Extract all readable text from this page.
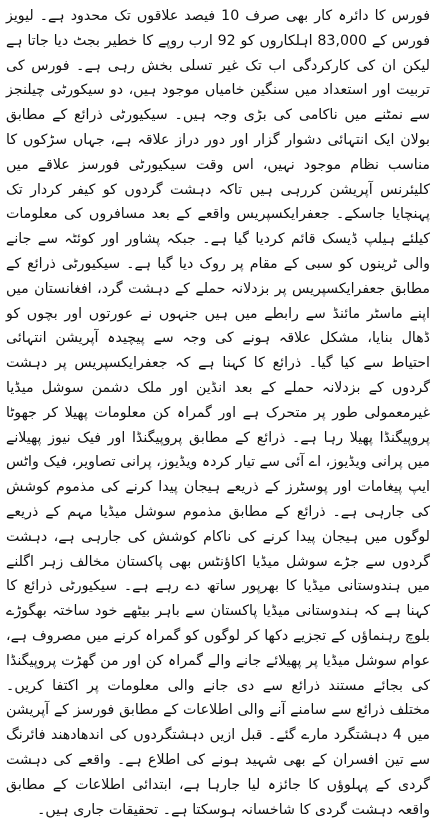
فورس کا دائرہ کار بھی صرف 10 فیصد علاقوں تک محدود ہے۔ لیویز فورس کے 83,000 اہلکاروں کو 92 ارب روپے کا خطیر بجٹ دیا جاتا ہے لیکن ان کی کارکردگی اب تک غیر تسلی بخش رہی ہے۔ فورس کی تربیت اور استعداد میں سنگین خامیاں موجود ہیں، دو سیکورٹی چیلنجز سے نمٹنے میں ناکامی کی بڑی وجہ ہیں۔ سیکیورٹی ذرائع کے مطابق بولان ایک انتہائی دشوار گزار اور دور دراز علاقہ ہے، جہاں سڑکوں کا مناسب نظام موجود نہیں، اس وقت سیکیورٹی فورسز علاقے میں کلیئرنس آپریشن کررہی ہیں تاکہ دہشت گردوں کو کیفر کردار تک پہنچایا جاسکے۔ جعفرایکسپریس واقعے کے بعد مسافروں کی معلومات کیلئے ہیلپ ڈیسک قائم کردیا گیا ہے۔ جبکہ پشاور اور کوئٹہ سے جانے والی ٹرینوں کو سبی کے مقام پر روک دیا گیا ہے۔ سیکیورٹی ذرائع کے مطابق جعفرایکسپریس پر بزدلانہ حملے کے دہشت گرد، افغانستان میں اپنے ماسٹر مائنڈ سے رابطے میں ہیں جنہوں نے عورتوں اور بچوں کو ڈھال بنایا، مشکل علاقہ ہونے کی وجہ سے پیچیدہ آپریشن انتہائی احتیاط سے کیا گیا۔ ذرائع کا کہنا ہے کہ جعفرایکسپریس پر دہشت گردوں کے بزدلانہ حملے کے بعد انڈین اور ملک دشمن سوشل میڈیا غیرمعمولی طور پر متحرک ہے اور گمراہ کن معلومات پھیلا کر جھوٹا پروپیگنڈا پھیلا رہا ہے۔ ذرائع کے مطابق پروپیگنڈا اور فیک نیوز پھیلانے میں پرانی ویڈیوز، اے آئی سے تیار کردہ ویڈیوز، پرانی تصاویر، فیک واٹس ایپ پیغامات اور پوسٹرز کے ذریعے ہیجان پیدا کرنے کی مذموم کوشش کی جارہی ہے۔ ذرائع کے مطابق مذموم سوشل میڈیا مہم کے ذریعے لوگوں میں ہیجان پیدا کرنے کی ناکام کوشش کی جارہی ہے، دہشت گردوں سے جڑے سوشل میڈیا اکاؤنٹس بھی پاکستان مخالف زہر اگلنے میں ہندوستانی میڈیا کا بھرپور ساتھ دے رہے ہے۔ سیکیورٹی ذرائع کا کہنا ہے کہ ہندوستانی میڈیا پاکستان سے باہر بیٹھے خود ساختہ بھگوڑے بلوچ رہنماؤں کے تجزیے دکھا کر لوگوں کو گمراہ کرنے میں مصروف ہے، عوام سوشل میڈیا پر پھیلائے جانے والے گمراہ کن اور من گھڑت پروپیگنڈا کی بجائے مستند ذرائع سے دی جانے والی معلومات پر اکتفا کریں۔ مختلف ذرائع سے سامنے آنے والی اطلاعات کے مطابق فورسز کے آپریشن میں 4 دہشتگرد مارے گئے۔ قبل ازیں دہشتگردوں کی اندھادھند فائرنگ سے تین افسران کے بھی شہید ہونے کی اطلاع ہے۔ واقعے کی دہشت گردی کے پہلوؤں کا جائزہ لیا جارہا ہے، ابتدائی اطلاعات کے مطابق واقعہ دہشت گردی کا شاخسانہ ہوسکتا ہے۔ تحقیقات جاری ہیں۔
